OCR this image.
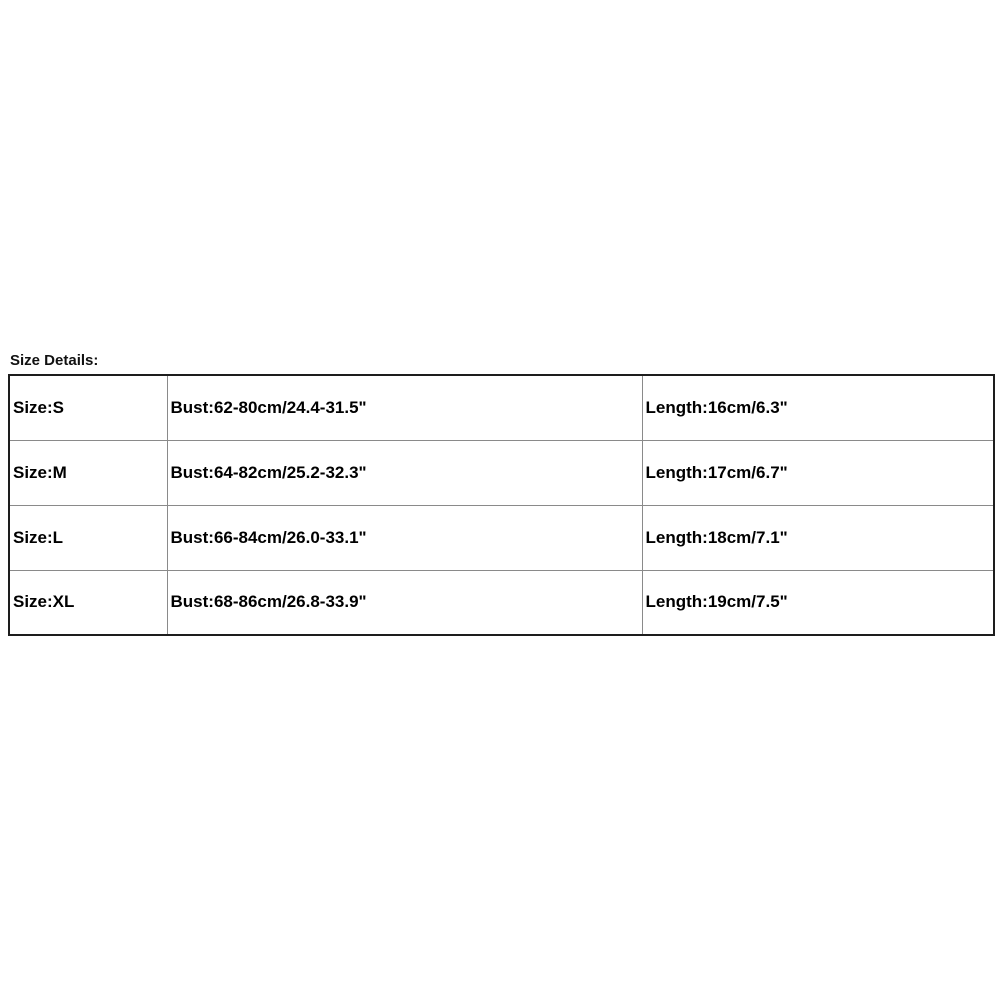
Size Details:
Size:S	Bust:62-80cm/24.4-31.5"	Length:16cm/6.3"
Size:M	Bust:64-82cm/25.2-32.3"	Length:17cm/6.7"
Size:L	Bust:66-84cm/26.0-33.1"	Length:18cm/7.1"
Size:XL	Bust:68-86cm/26.8-33.9"	Length:19cm/7.5"
